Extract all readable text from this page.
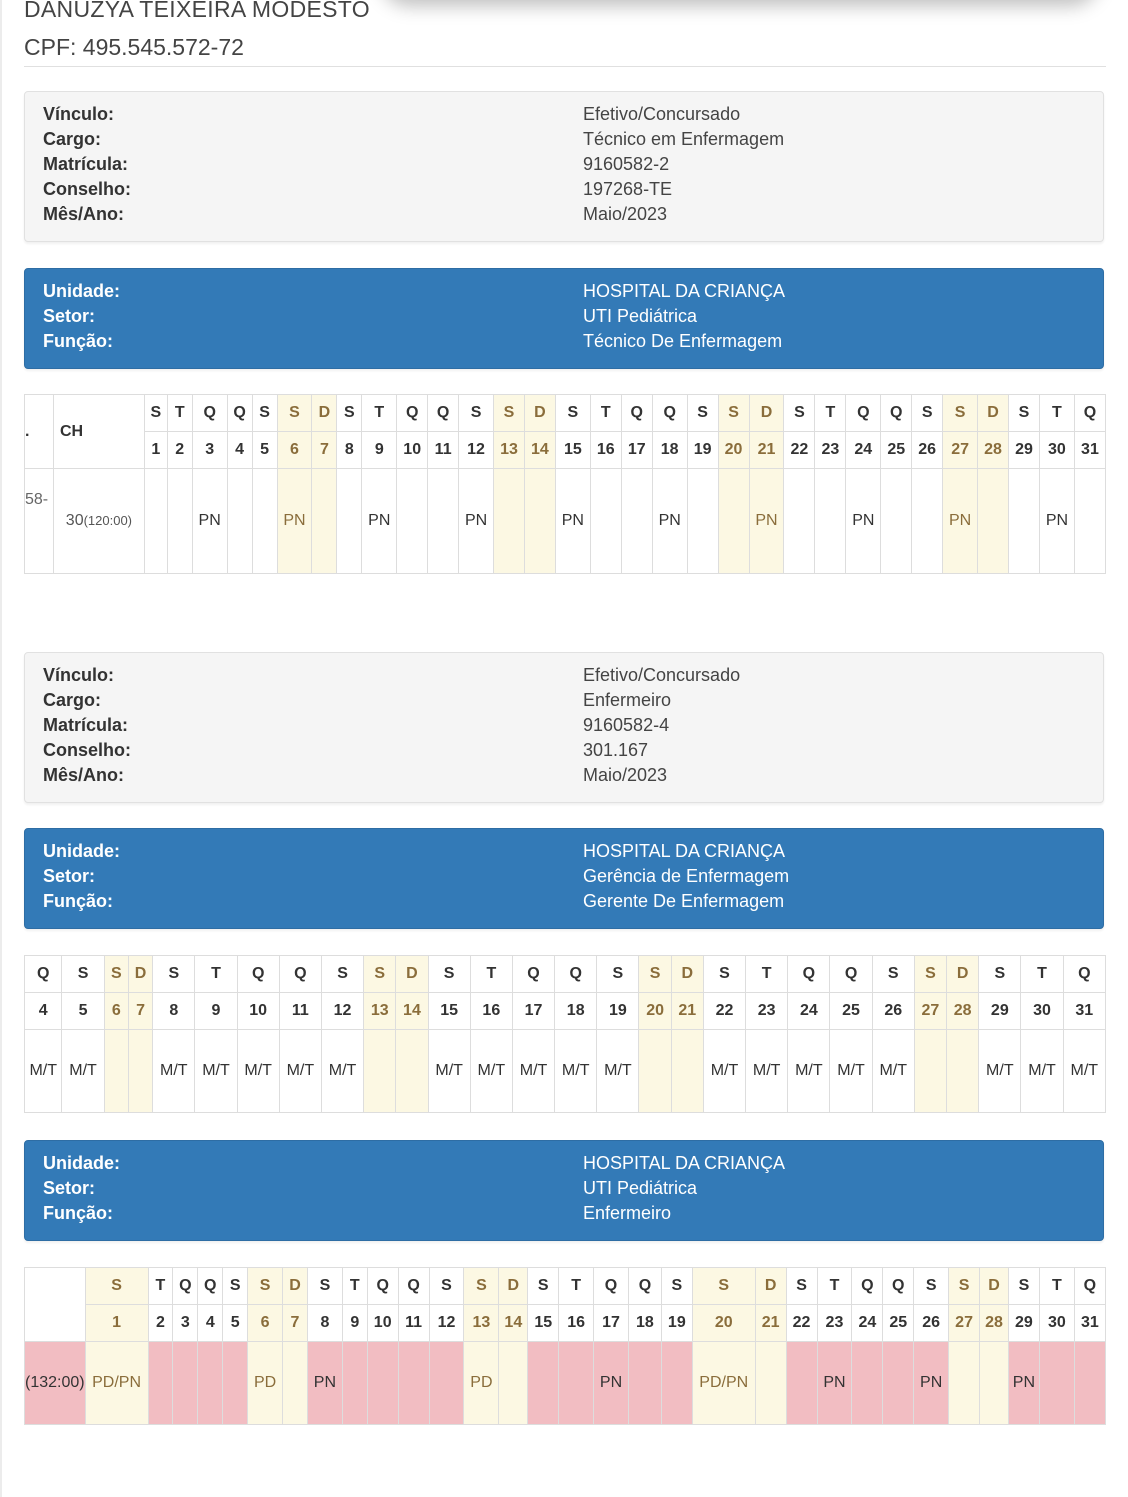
DANUZYA TEIXEIRA MODESTO
CPF: 495.545.572-72
Vínculo:	Efetivo/Concursado
Cargo:	Técnico em Enfermagem
Matrícula:	9160582-2
Conselho:	197268-TE
Mês/Ano:	Maio/2023
Unidade:	HOSPITAL DA CRIANÇA
Setor:	UTI Pediátrica
Função:	Técnico De Enfermagem
.	CH	S	T	Q	Q	S	S	D	S	T	Q	Q	S	S	D	S	T	Q	Q	S	S	D	S	T	Q	Q	S	S	D	S	T	Q
		1	2	3	4	5	6	7	8	9	10	11	12	13	14	15	16	17	18	19	20	21	22	23	24	25	26	27	28	29	30	31
58-	30(120:00)			PN			PN			PN			PN			PN			PN			PN			PN			PN			PN	
Vínculo:	Efetivo/Concursado
Cargo:	Enfermeiro
Matrícula:	9160582-4
Conselho:	301.167
Mês/Ano:	Maio/2023
Unidade:	HOSPITAL DA CRIANÇA
Setor:	Gerência de Enfermagem
Função:	Gerente De Enfermagem
Q	S	S	D	S	T	Q	Q	S	S	D	S	T	Q	Q	S	S	D	S	T	Q	Q	S	S	D	S	T	Q
4	5	6	7	8	9	10	11	12	13	14	15	16	17	18	19	20	21	22	23	24	25	26	27	28	29	30	31
M/T	M/T			M/T	M/T	M/T	M/T	M/T			M/T	M/T	M/T	M/T	M/T			M/T	M/T	M/T	M/T	M/T			M/T	M/T	M/T
Unidade:	HOSPITAL DA CRIANÇA
Setor:	UTI Pediátrica
Função:	Enfermeiro
	S	T	Q	Q	S	S	D	S	T	Q	Q	S	S	D	S	T	Q	Q	S	S	D	S	T	Q	Q	S	S	D	S	T	Q
	1	2	3	4	5	6	7	8	9	10	11	12	13	14	15	16	17	18	19	20	21	22	23	24	25	26	27	28	29	30	31
(132:00)	PD/PN					PD		PN					PD				PN			PD/PN			PN			PN			PN		
